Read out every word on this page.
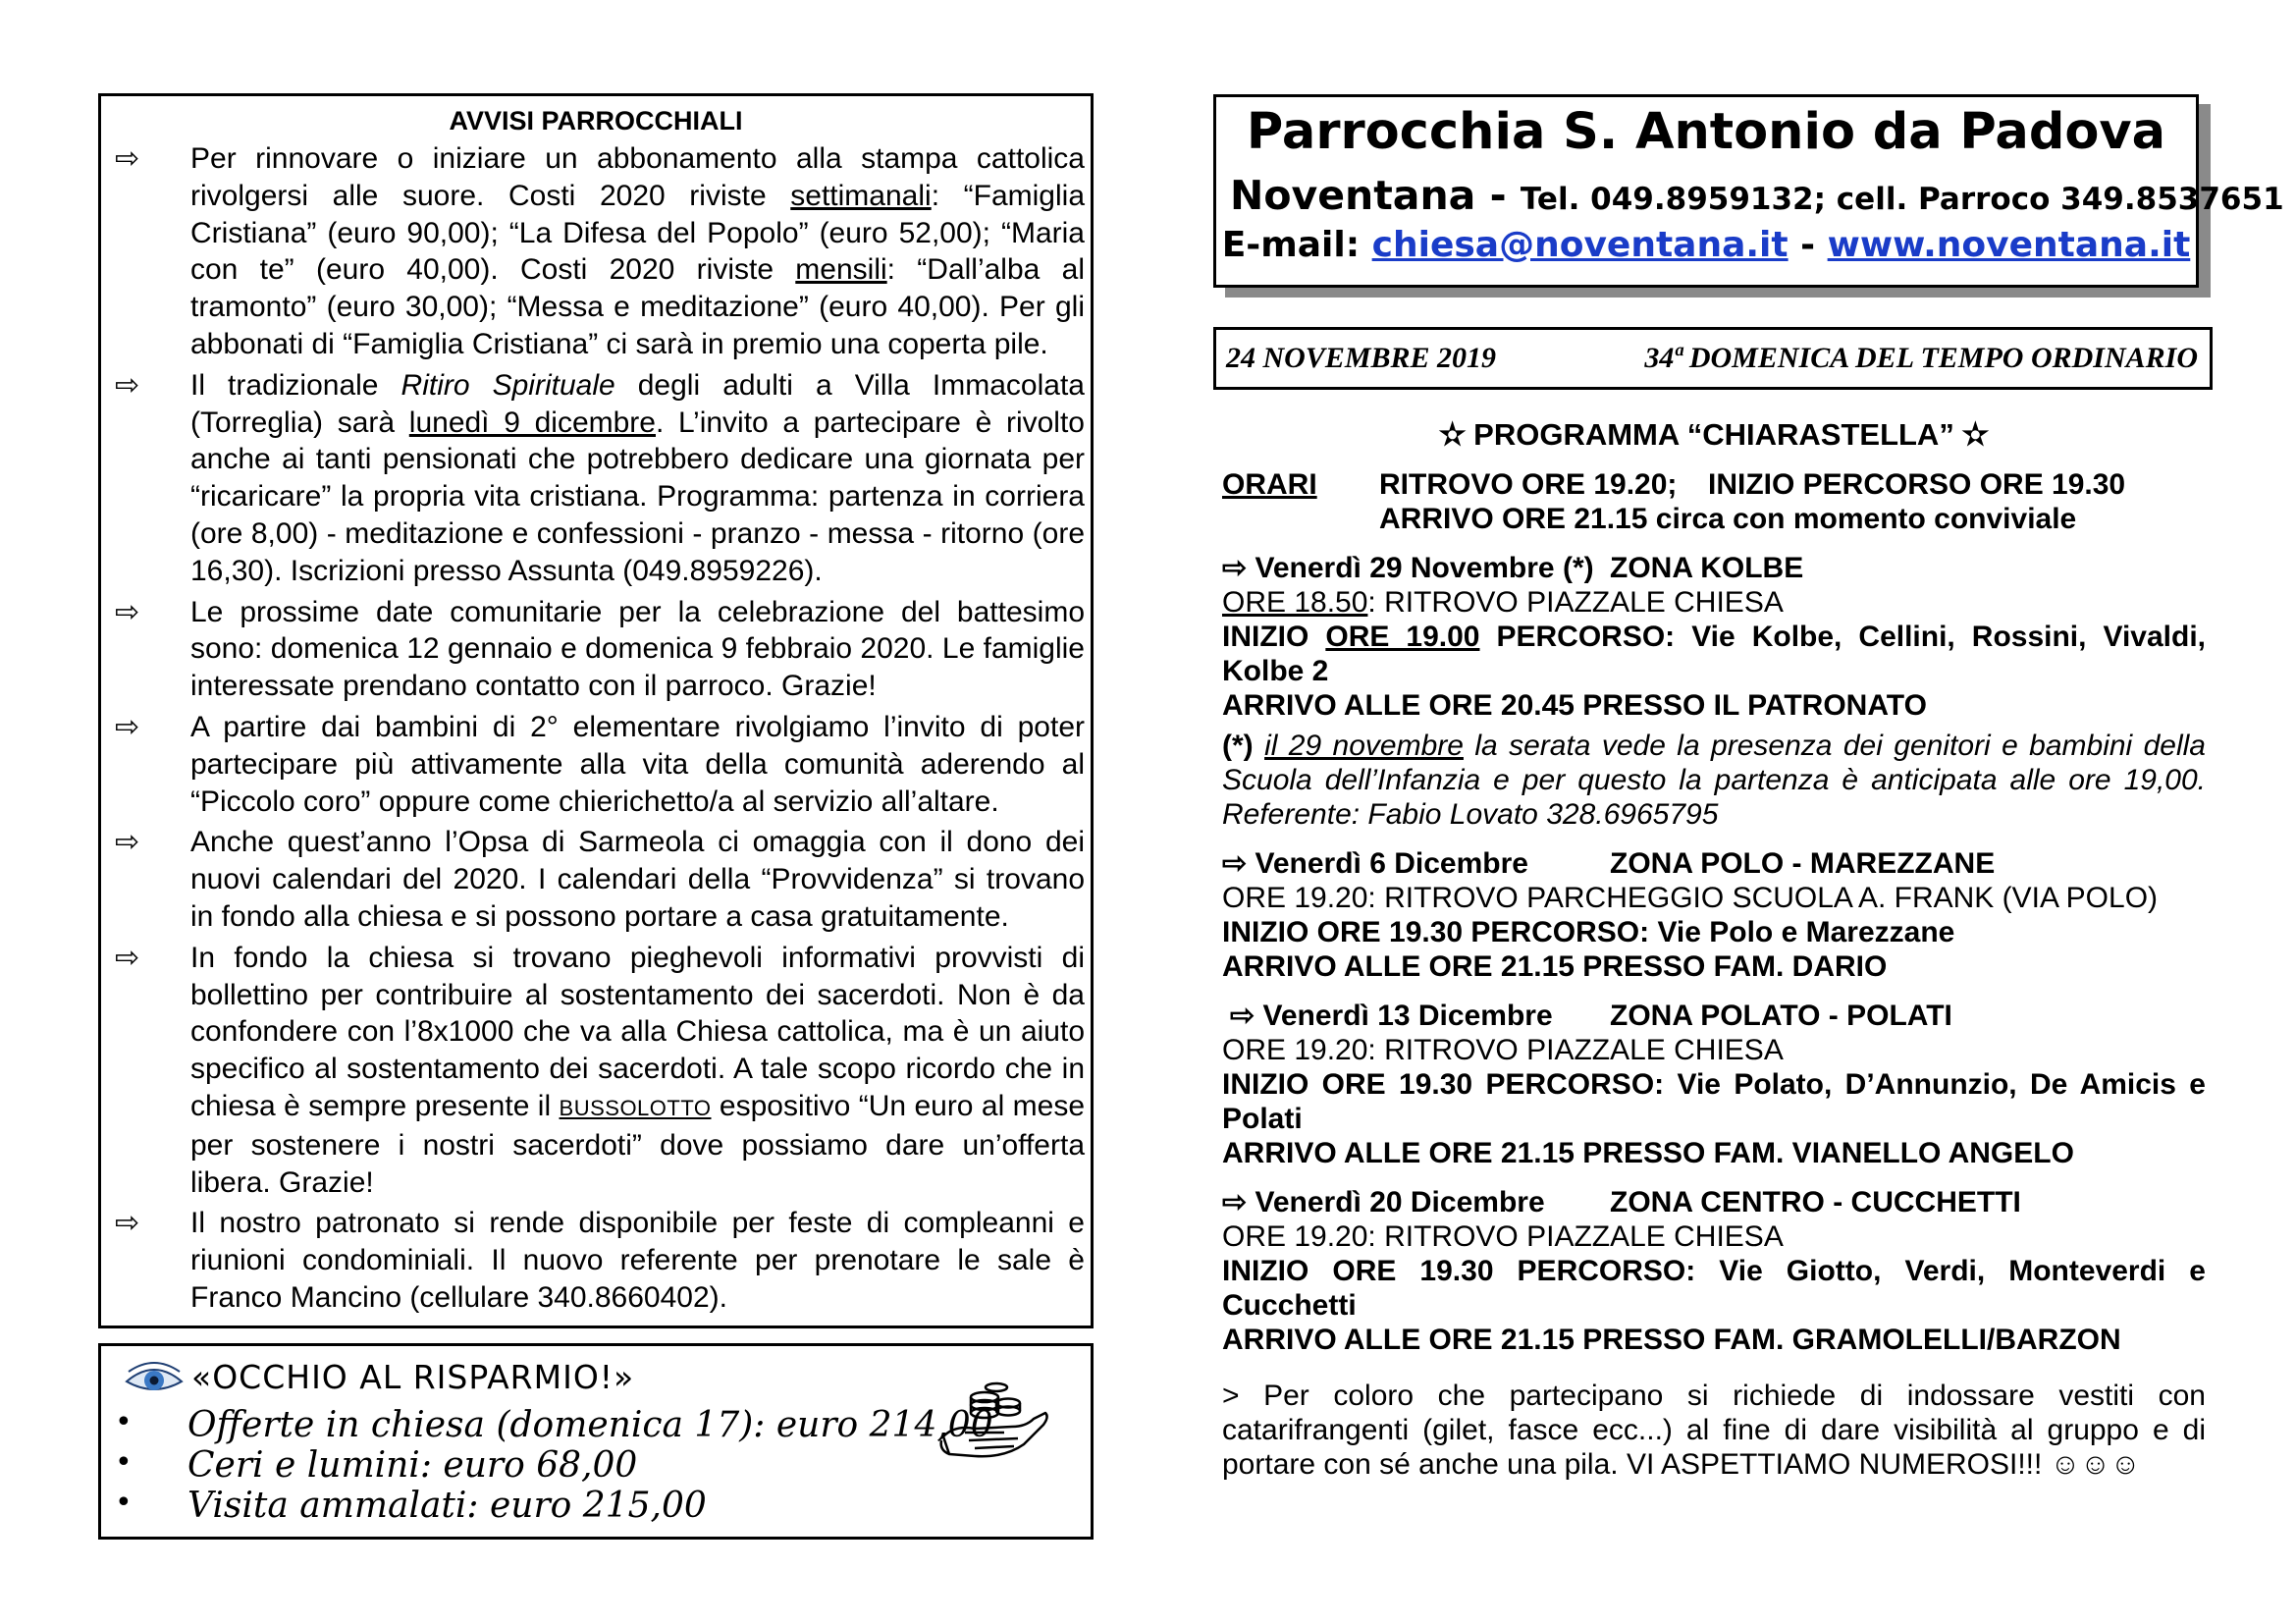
AVVISI PARROCCHIALI
⇨ Per rinnovare o iniziare un abbonamento alla stampa cattolica rivolgersi alle suore. Costi 2020 riviste settimanali: “Famiglia Cristiana” (euro 90,00); “La Difesa del Popolo” (euro 52,00); “Maria con te” (euro 40,00). Costi 2020 riviste mensili: “Dall’alba al tramonto” (euro 30,00); “Messa e meditazione” (euro 40,00). Per gli abbonati di “Famiglia Cristiana” ci sarà in premio una coperta pile.
⇨ Il tradizionale Ritiro Spirituale degli adulti a Villa Immacolata (Torreglia) sarà lunedì 9 dicembre. L’invito a partecipare è rivolto anche ai tanti pensionati che potrebbero dedicare una giornata per “ricaricare” la propria vita cristiana. Programma: partenza in corriera (ore 8,00) - meditazione e confessioni - pranzo - messa - ritorno (ore 16,30). Iscrizioni presso Assunta (049.8959226).
⇨ Le prossime date comunitarie per la celebrazione del battesimo sono: domenica 12 gennaio e domenica 9 febbraio 2020. Le famiglie interessate prendano contatto con il parroco. Grazie!
⇨ A partire dai bambini di 2° elementare rivolgiamo l’invito di poter partecipare più attivamente alla vita della comunità aderendo al “Piccolo coro” oppure come chierichetto/a al servizio all’altare.
⇨ Anche quest’anno l’Opsa di Sarmeola ci omaggia con il dono dei nuovi calendari del 2020. I calendari della “Provvidenza” si trovano in fondo alla chiesa e si possono portare a casa gratuitamente.
⇨ In fondo la chiesa si trovano pieghevoli informativi provvisti di bollettino per contribuire al sostentamento dei sacerdoti. Non è da confondere con l’8x1000 che va alla Chiesa cattolica, ma è un aiuto specifico al sostentamento dei sacerdoti. A tale scopo ricordo che in chiesa è sempre presente il BUSSOLOTTO espositivo “Un euro al mese per sostenere i nostri sacerdoti” dove possiamo dare un’offerta libera. Grazie!
⇨ Il nostro patronato si rende disponibile per feste di compleanni e riunioni condominiali. Il nuovo referente per prenotare le sale è Franco Mancino (cellulare 340.8660402).
«OCCHIO AL RISPARMIO!»
• Offerte in chiesa (domenica 17): euro 214,00
• Ceri e lumini: euro 68,00
• Visita ammalati: euro 215,00
Parrocchia S. Antonio da Padova
Noventana - Tel. 049.8959132; cell. Parroco 349.8537651
E-mail: chiesa@noventana.it - www.noventana.it
24 NOVEMBRE 2019	34ª DOMENICA DEL TEMPO ORDINARIO
✫ PROGRAMMA “CHIARASTELLA” ✫
ORARI RITROVO ORE 19.20; INIZIO PERCORSO ORE 19.30
ARRIVO ORE 21.15 circa con momento conviviale
⇨ Venerdì 29 Novembre (*) ZONA KOLBE
ORE 18.50: RITROVO PIAZZALE CHIESA
INIZIO ORE 19.00 PERCORSO: Vie Kolbe, Cellini, Rossini, Vivaldi, Kolbe 2
ARRIVO ALLE ORE 20.45 PRESSO IL PATRONATO
(*) il 29 novembre la serata vede la presenza dei genitori e bambini della Scuola dell’Infanzia e per questo la partenza è anticipata alle ore 19,00. Referente: Fabio Lovato 328.6965795
⇨ Venerdì 6 Dicembre	ZONA POLO - MAREZZANE
ORE 19.20: RITROVO PARCHEGGIO SCUOLA A. FRANK (VIA POLO)
INIZIO ORE 19.30 PERCORSO: Vie Polo e Marezzane
ARRIVO ALLE ORE 21.15 PRESSO FAM. DARIO
⇨ Venerdì 13 Dicembre ZONA POLATO - POLATI
ORE 19.20: RITROVO PIAZZALE CHIESA
INIZIO ORE 19.30 PERCORSO: Vie Polato, D’Annunzio, De Amicis e Polati
ARRIVO ALLE ORE 21.15 PRESSO FAM. VIANELLO ANGELO
⇨ Venerdì 20 Dicembre ZONA CENTRO - CUCCHETTI
ORE 19.20: RITROVO PIAZZALE CHIESA
INIZIO ORE 19.30 PERCORSO: Vie Giotto, Verdi, Monteverdi e Cucchetti
ARRIVO ALLE ORE 21.15 PRESSO FAM. GRAMOLELLI/BARZON
> Per coloro che partecipano si richiede di indossare vestiti con catarifrangenti (gilet, fasce ecc...) al fine di dare visibilità al gruppo e di portare con sé anche una pila. VI ASPETTIAMO NUMEROSI!!! ☺☺☺
